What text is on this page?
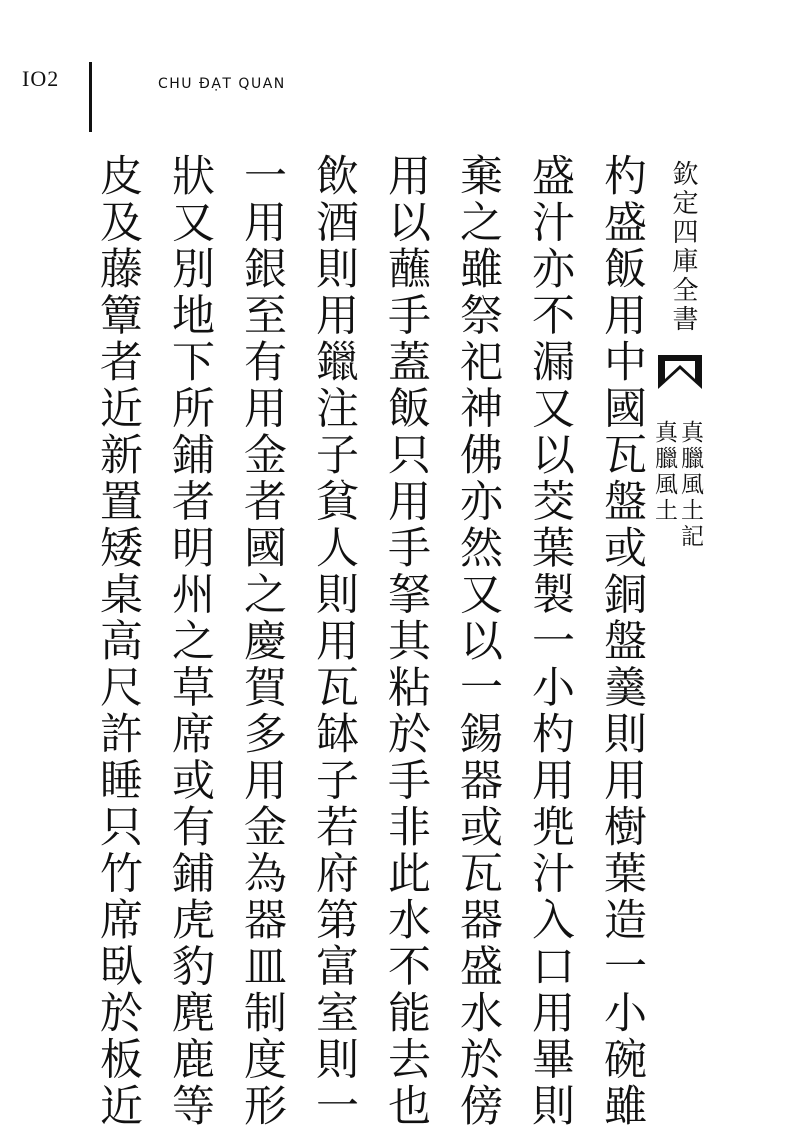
IO2	CHU ĐẠT QUAN
欽定四庫全書
真臘風土記
真臘風土
杓盛飯用中國瓦盤或銅盤羹則用樹葉造一小碗雖
盛汁亦不漏又以茭葉製一小杓用兠汁入口用畢則
棄之雖祭祀神佛亦然又以一錫器或瓦器盛水於傍
用以蘸手蓋飯只用手拏其粘於手非此水不能去也
飲酒則用鑞注子貧人則用瓦缽子若府第富室則一
一用銀至有用金者國之慶賀多用金為器皿制度形
狀又別地下所鋪者明州之草席或有鋪虎豹麂鹿等
皮及藤簟者近新置矮桌高尺許睡只竹席臥於板近
